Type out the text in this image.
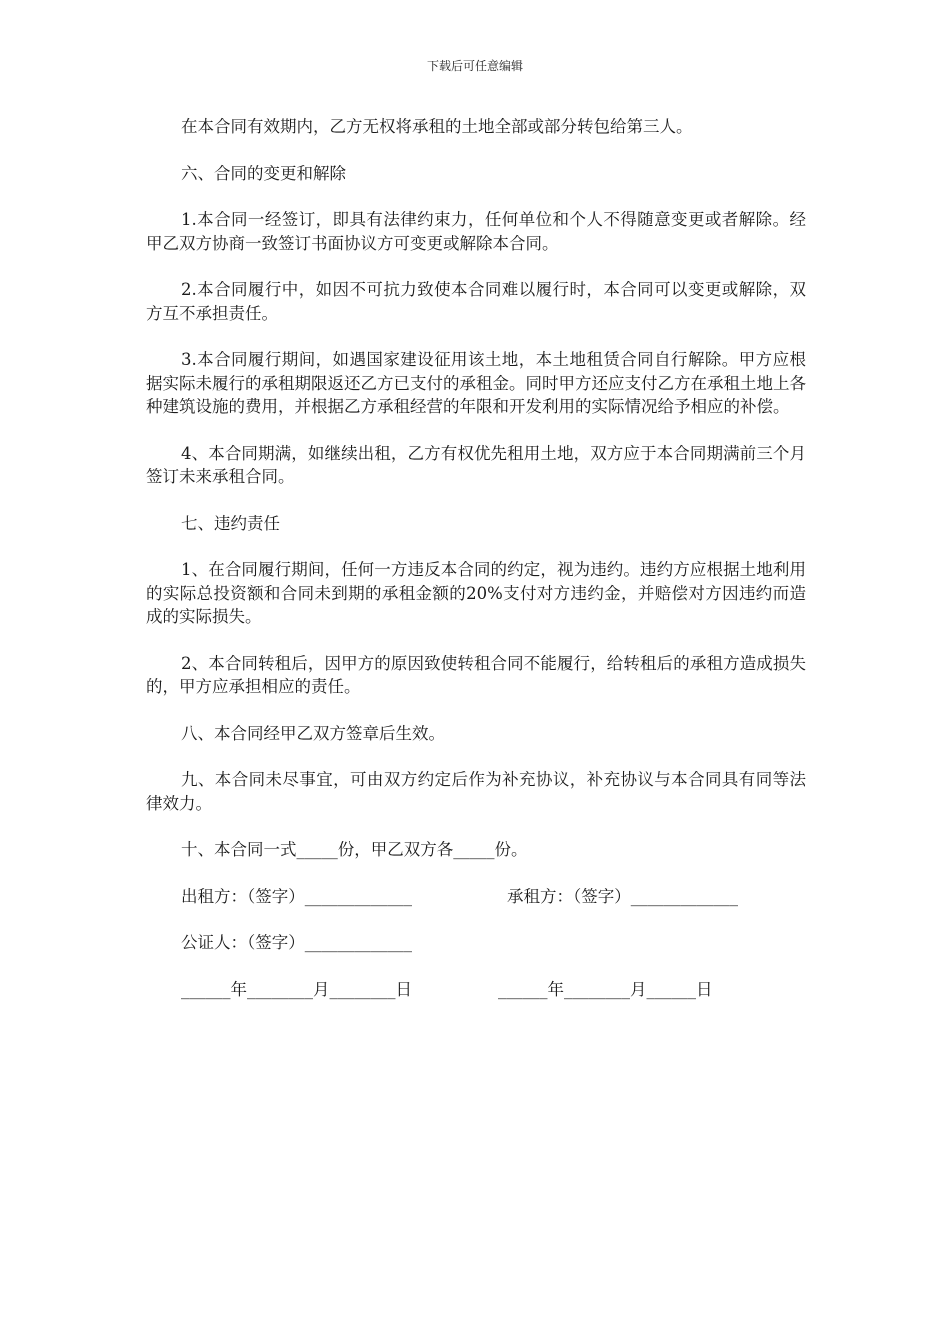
下载后可任意编辑

在本合同有效期内，乙方无权将承租的土地全部或部分转包给第三人。

六、合同的变更和解除

1.本合同一经签订，即具有法律约束力，任何单位和个人不得随意变更或者解除。经甲乙双方协商一致签订书面协议方可变更或解除本合同。

2.本合同履行中，如因不可抗力致使本合同难以履行时，本合同可以变更或解除，双方互不承担责任。

3.本合同履行期间，如遇国家建设征用该土地，本土地租赁合同自行解除。甲方应根据实际未履行的承租期限返还乙方已支付的承租金。同时甲方还应支付乙方在承租土地上各种建筑设施的费用，并根据乙方承租经营的年限和开发利用的实际情况给予相应的补偿。

4、本合同期满，如继续出租，乙方有权优先租用土地，双方应于本合同期满前三个月签订未来承租合同。

七、违约责任

1、在合同履行期间，任何一方违反本合同的约定，视为违约。违约方应根据土地利用的实际总投资额和合同未到期的承租金额的20%支付对方违约金，并赔偿对方因违约而造成的实际损失。

2、本合同转租后，因甲方的原因致使转租合同不能履行，给转租后的承租方造成损失的，甲方应承担相应的责任。

八、本合同经甲乙双方签章后生效。

九、本合同未尽事宜，可由双方约定后作为补充协议，补充协议与本合同具有同等法律效力。

十、本合同一式_____份，甲乙双方各_____份。

出租方：（签字）_____________	承租方：（签字）_____________
公证人：（签字）_____________
______年________月________日	______年________月______日
